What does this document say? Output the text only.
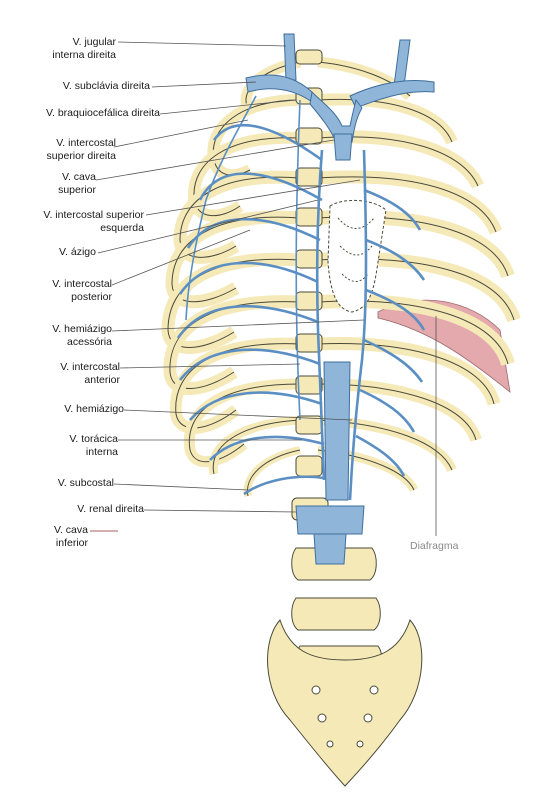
V. jugular
interna direita
V. subclávia direita
V. braquiocefálica direita
V. intercostal
superior direita
V. cava
superior
V. intercostal superior
esquerda
V. ázigo
V. intercostal
posterior
V. hemiázigo
acessória
V. intercostal
anterior
V. hemiázigo
V. torácica
interna
V. subcostal
V. renal direita
V. cava
inferior	Diafragma
